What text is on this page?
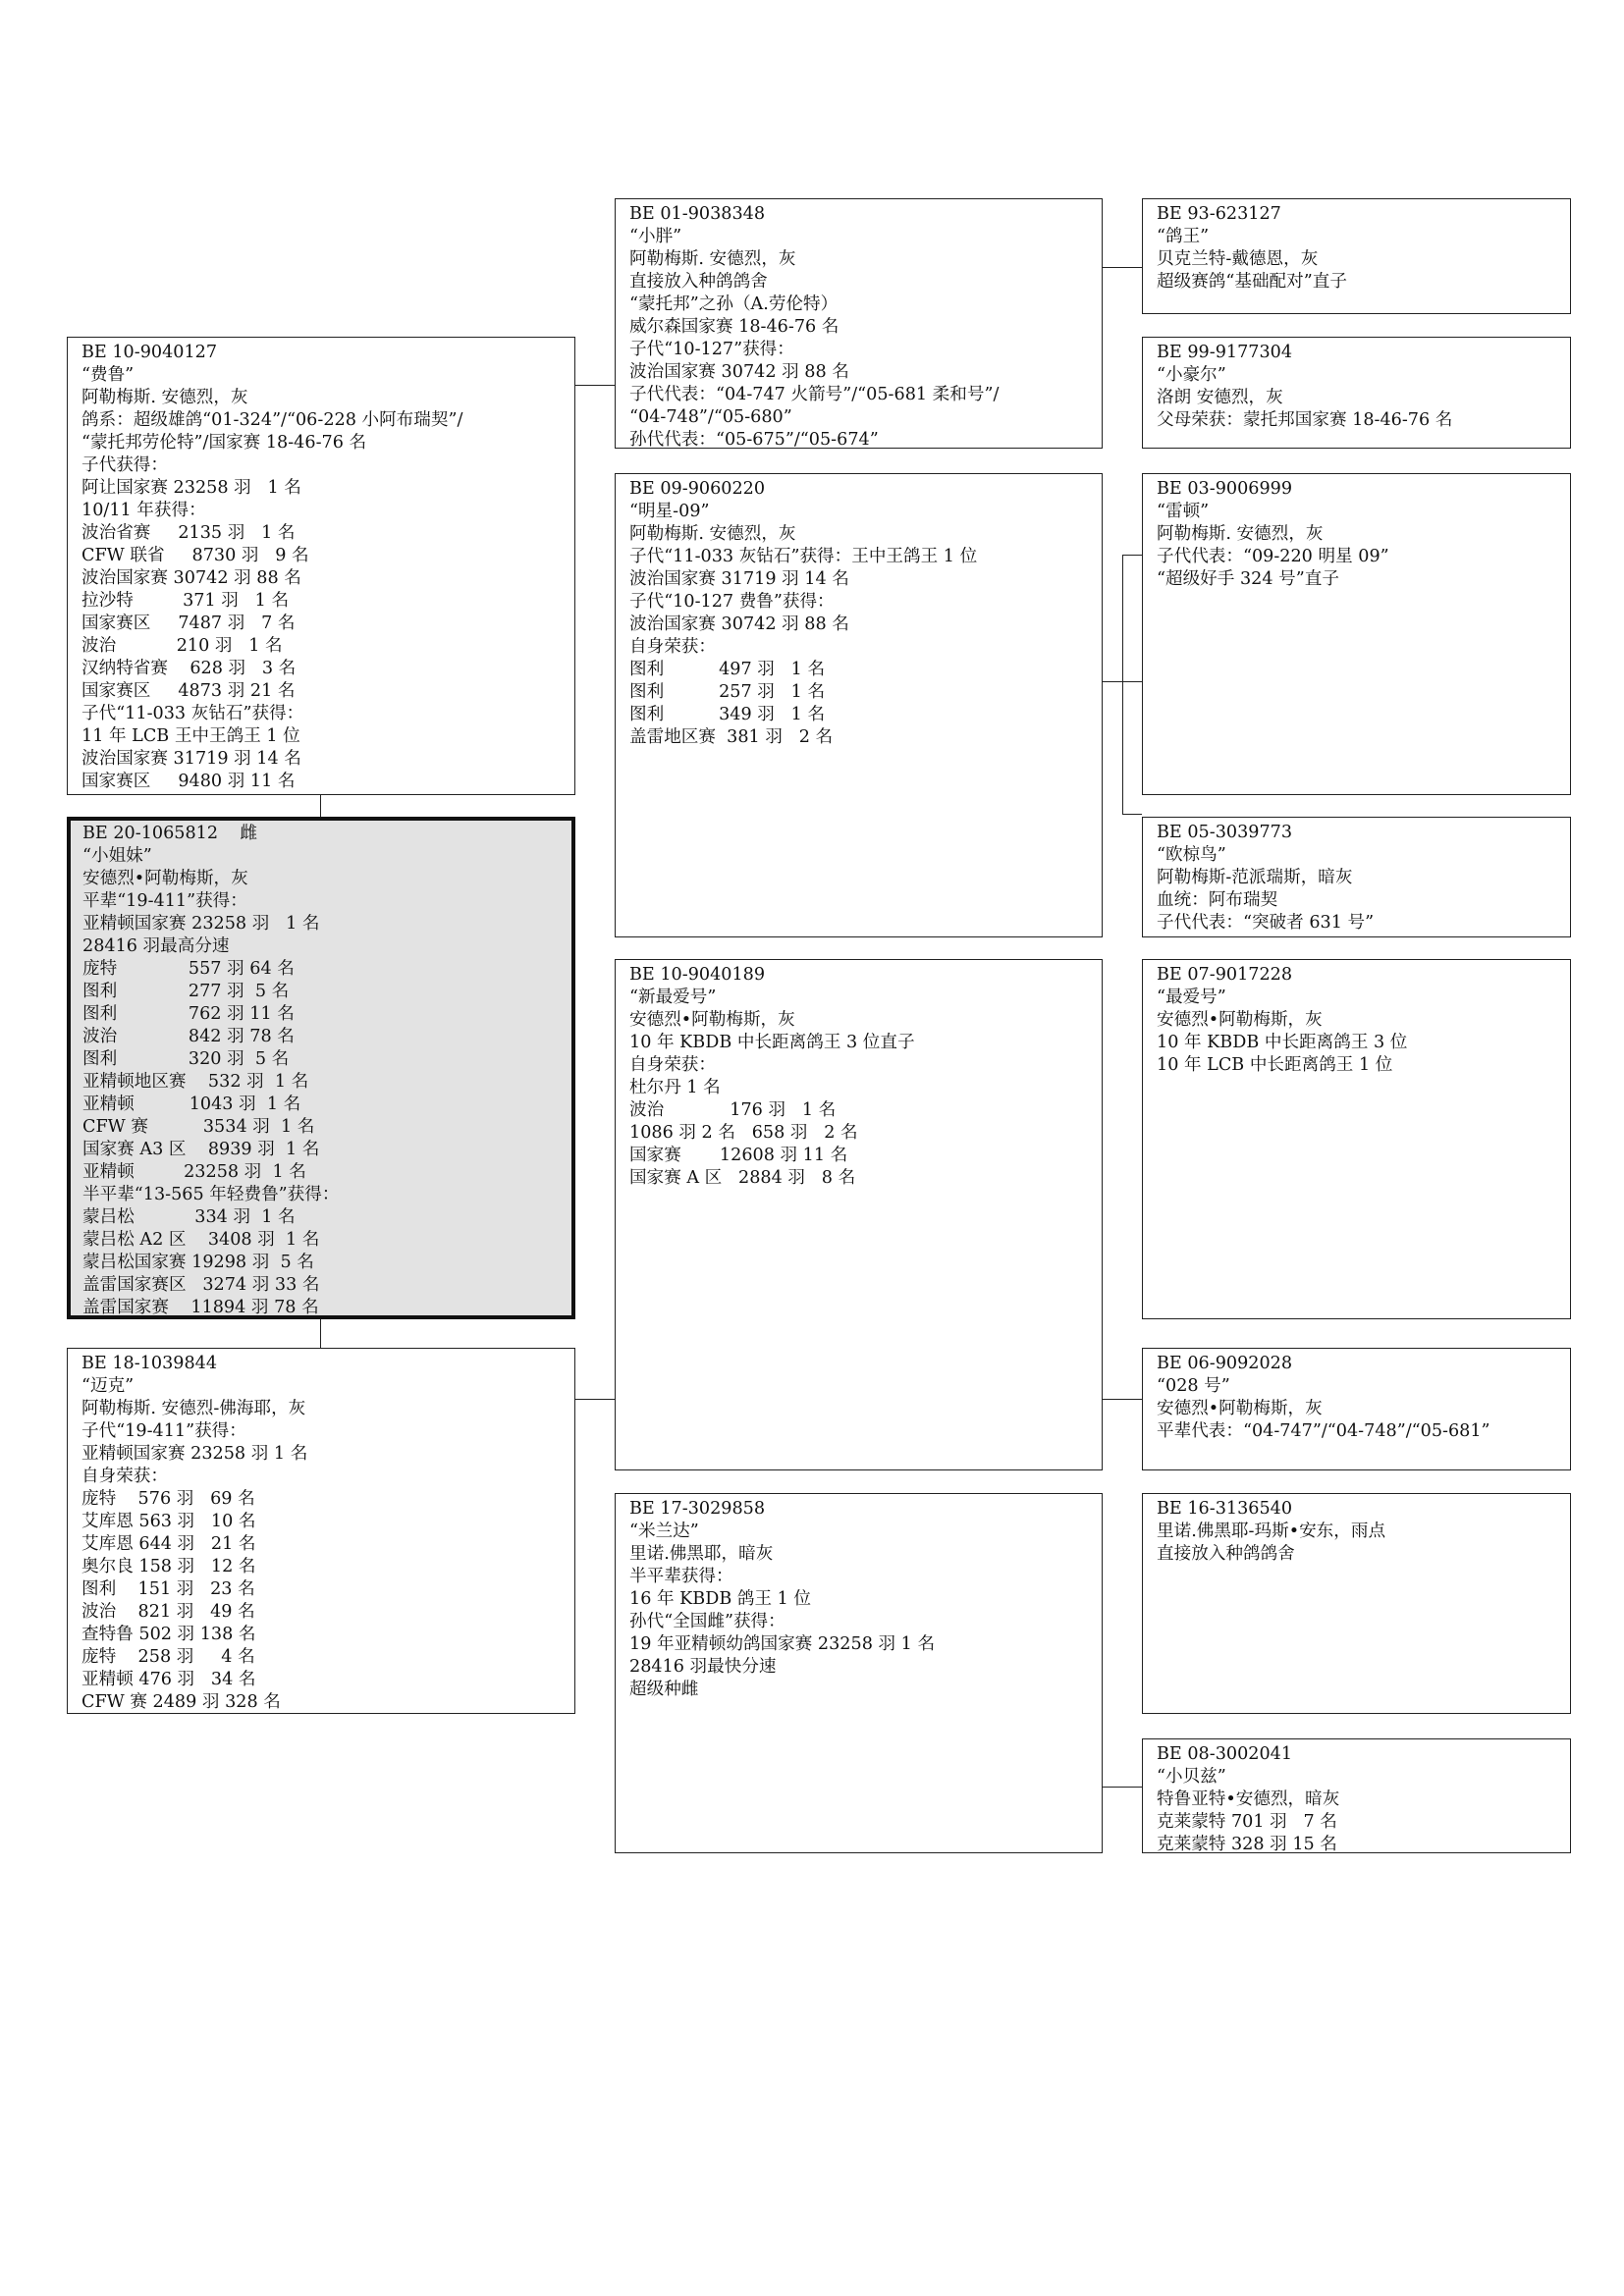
BE 20-1065812    雌
“小姐妹”
安德烈•阿勒梅斯，灰
平辈“19-411”获得：
亚精顿国家赛 23258 羽   1 名
28416 羽最高分速
庞特             557 羽 64 名
图利             277 羽  5 名
图利             762 羽 11 名
波治             842 羽 78 名
图利             320 羽  5 名
亚精顿地区赛    532 羽  1 名
亚精顿          1043 羽  1 名
CFW 赛          3534 羽  1 名
国家赛 A3 区    8939 羽  1 名
亚精顿         23258 羽  1 名
半平辈“13-565 年轻费鲁”获得：
蒙吕松           334 羽  1 名
蒙吕松 A2 区    3408 羽  1 名
蒙吕松国家赛 19298 羽  5 名
盖雷国家赛区   3274 羽 33 名
盖雷国家赛    11894 羽 78 名
BE 10-9040127
“费鲁”
阿勒梅斯. 安德烈，灰
鸽系：超级雄鸽“01-324”/“06-228 小阿布瑞契”/
“蒙托邦劳伦特”/国家赛 18-46-76 名
子代获得：
阿让国家赛 23258 羽   1 名
10/11 年获得：
波治省赛     2135 羽   1 名
CFW 联省     8730 羽   9 名
波治国家赛 30742 羽 88 名
拉沙特         371 羽   1 名
国家赛区     7487 羽   7 名
波治           210 羽   1 名
汉纳特省赛    628 羽   3 名
国家赛区     4873 羽 21 名
子代“11-033 灰钻石”获得：
11 年 LCB 王中王鸽王 1 位
波治国家赛 31719 羽 14 名
国家赛区     9480 羽 11 名
BE 18-1039844
“迈克”
阿勒梅斯. 安德烈-佛海耶，灰
子代“19-411”获得：
亚精顿国家赛 23258 羽 1 名
自身荣获：
庞特    576 羽   69 名
艾库恩 563 羽   10 名
艾库恩 644 羽   21 名
奥尔良 158 羽   12 名
图利    151 羽   23 名
波治    821 羽   49 名
查特鲁 502 羽 138 名
庞特    258 羽     4 名
亚精顿 476 羽   34 名
CFW 赛 2489 羽 328 名
BE 01-9038348
“小胖”
阿勒梅斯. 安德烈，灰
直接放入种鸽鸽舍
“蒙托邦”之孙（A.劳伦特）
威尔森国家赛 18-46-76 名
子代“10-127”获得：
波治国家赛 30742 羽 88 名
子代代表：“04-747 火箭号”/“05-681 柔和号”/
“04-748”/“05-680”
孙代代表：“05-675”/“05-674”
BE 09-9060220
“明星-09”
阿勒梅斯. 安德烈，灰
子代“11-033 灰钻石”获得：王中王鸽王 1 位
波治国家赛 31719 羽 14 名
子代“10-127 费鲁”获得：
波治国家赛 30742 羽 88 名
自身荣获：
图利          497 羽   1 名
图利          257 羽   1 名
图利          349 羽   1 名
盖雷地区赛  381 羽   2 名
BE 10-9040189
“新最爱号”
安德烈•阿勒梅斯，灰
10 年 KBDB 中长距离鸽王 3 位直子
自身荣获：
杜尔丹 1 名
波治            176 羽   1 名
1086 羽 2 名   658 羽   2 名
国家赛       12608 羽 11 名
国家赛 A 区   2884 羽   8 名
BE 17-3029858
“米兰达”
里诺.佛黑耶，暗灰
半平辈获得：
16 年 KBDB 鸽王 1 位
孙代“全国雌”获得：
19 年亚精顿幼鸽国家赛 23258 羽 1 名
28416 羽最快分速
超级种雌
BE 93-623127
“鸽王”
贝克兰特-戴德恩，灰
超级赛鸽“基础配对”直子
BE 99-9177304
“小豪尔”
洛朗 安德烈，灰
父母荣获：蒙托邦国家赛 18-46-76 名
BE 03-9006999
“雷顿”
阿勒梅斯. 安德烈，灰
子代代表：“09-220 明星 09”
“超级好手 324 号”直子
BE 05-3039773
“欧椋鸟”
阿勒梅斯-范派瑞斯，暗灰
血统：阿布瑞契
子代代表：“突破者 631 号”
BE 07-9017228
“最爱号”
安德烈•阿勒梅斯，灰
10 年 KBDB 中长距离鸽王 3 位
10 年 LCB 中长距离鸽王 1 位
BE 06-9092028
“028 号”
安德烈•阿勒梅斯，灰
平辈代表：“04-747”/“04-748”/“05-681”
BE 16-3136540
里诺.佛黑耶-玛斯•安东，雨点
直接放入种鸽鸽舍
BE 08-3002041
“小贝兹”
特鲁亚特•安德烈，暗灰
克莱蒙特 701 羽   7 名
克莱蒙特 328 羽 15 名
